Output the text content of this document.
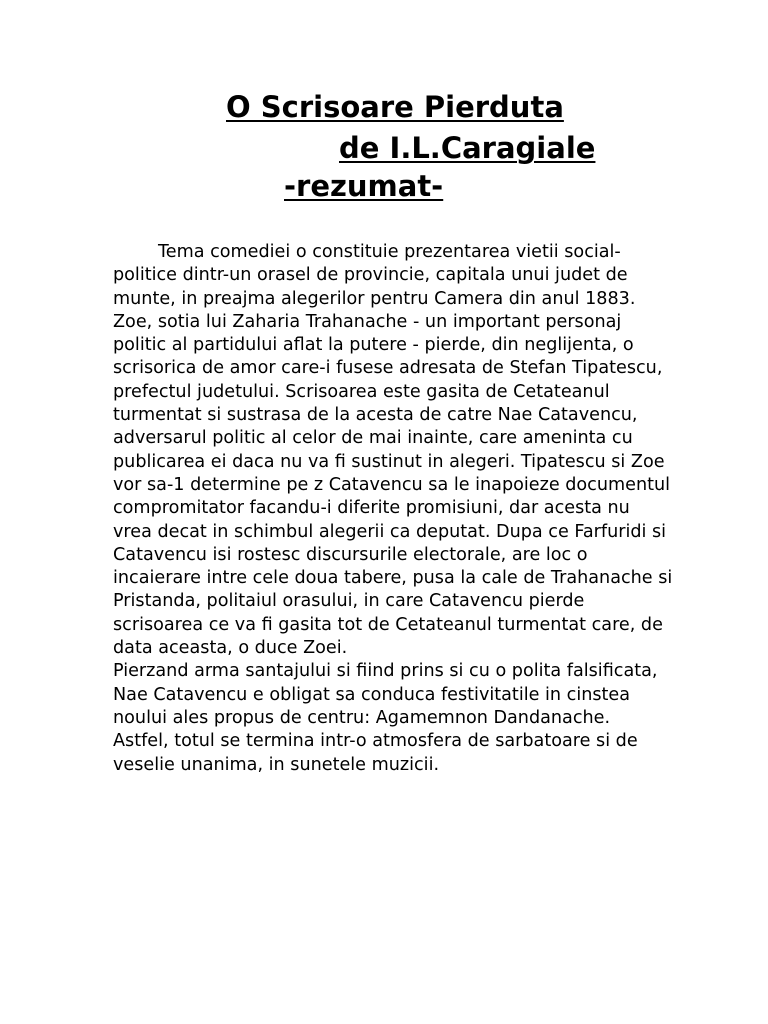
O Scrisoare Pierduta
de I.L.Caragiale
-rezumat-

Tema comediei o constituie prezentarea vietii social-politice dintr-un orasel de provincie, capitala unui judet de munte, in preajma alegerilor pentru Camera din anul 1883.

Zoe, sotia lui Zaharia Trahanache - un important personaj politic al partidului aflat la putere - pierde, din neglijenta, o scrisorica de amor care-i fusese adresata de Stefan Tipatescu, prefectul judetului. Scrisoarea este gasita de Cetateanul turmentat si sustrasa de la acesta de catre Nae Catavencu, adversarul politic al celor de mai inainte, care ameninta cu publicarea ei daca nu va fi sustinut in alegeri. Tipatescu si Zoe vor sa-1 determine pe z Catavencu sa le inapoieze documentul compromitator facandu-i diferite promisiuni, dar acesta nu vrea decat in schimbul alegerii ca deputat. Dupa ce Farfuridi si Catavencu isi rostesc discursurile electorale, are loc o incaierare intre cele doua tabere, pusa la cale de Trahanache si Pristanda, politaiul orasului, in care Catavencu pierde scrisoarea ce va fi gasita tot de Cetateanul turmentat care, de data aceasta, o duce Zoei.

Pierzand arma santajului si fiind prins si cu o polita falsificata, Nae Catavencu e obligat sa conduca festivitatile in cinstea noului ales propus de centru: Agamemnon Dandanache.

Astfel, totul se termina intr-o atmosfera de sarbatoare si de veselie unanima, in sunetele muzicii.
